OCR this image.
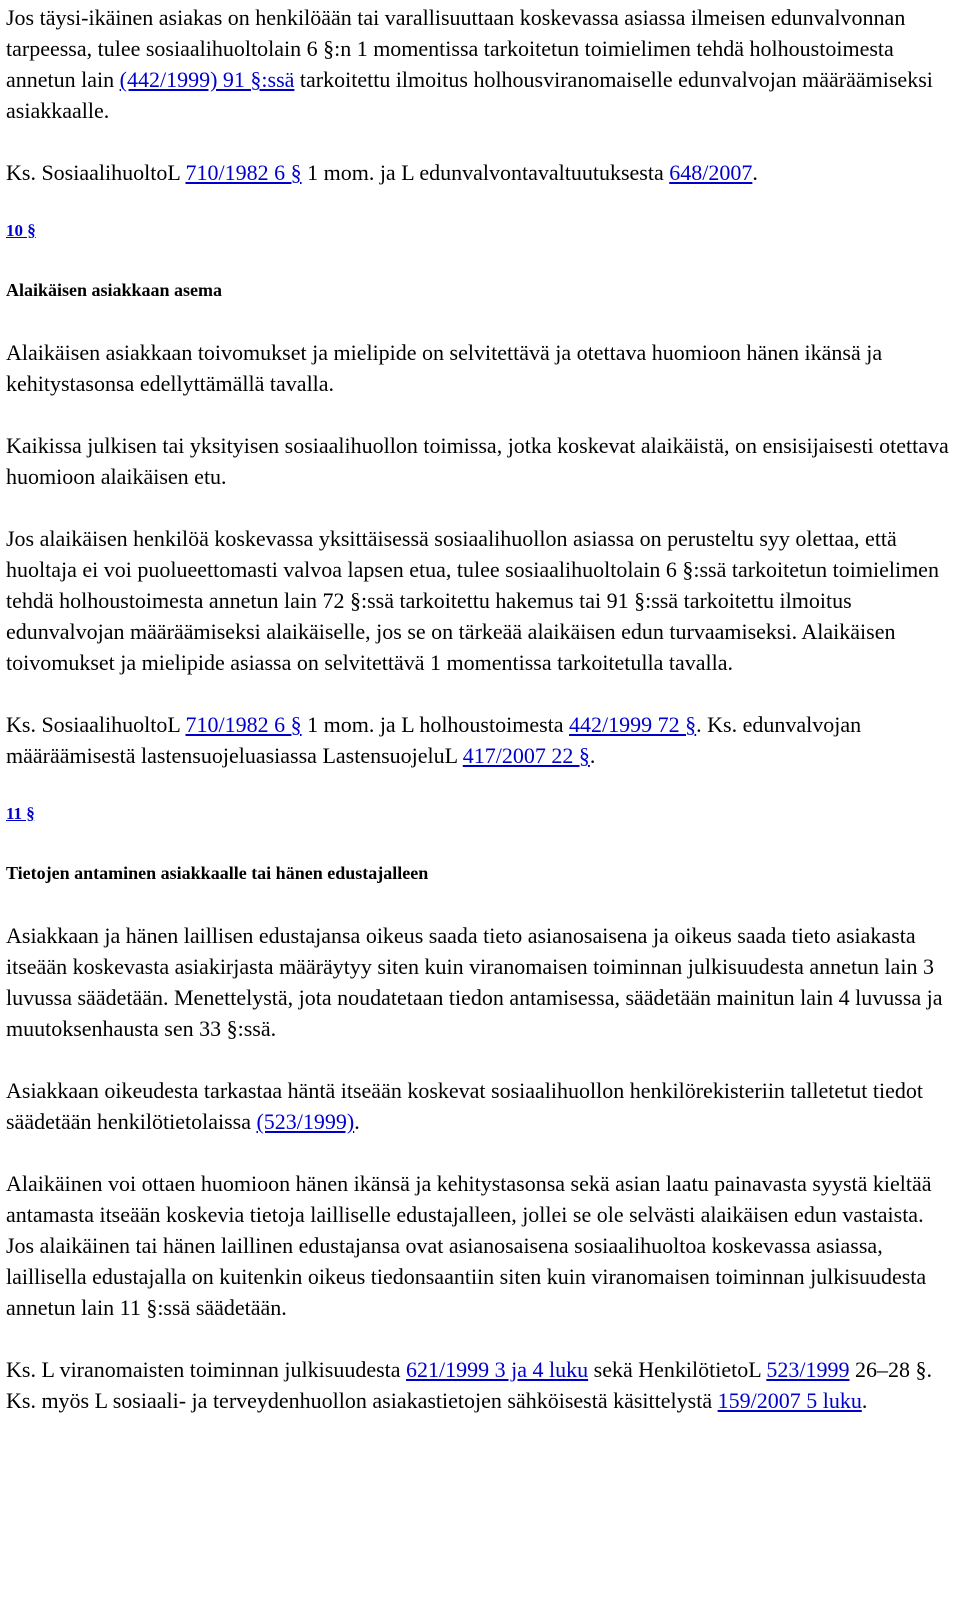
Jos täysi-ikäinen asiakas on henkilöään tai varallisuuttaan koskevassa asiassa ilmeisen edunvalvonnan tarpeessa, tulee sosiaalihuoltolain 6 §:n 1 momentissa tarkoitetun toimielimen tehdä holhoustoimesta annetun lain (442/1999) 91 §:ssä tarkoitettu ilmoitus holhousviranomaiselle edunvalvojan määräämiseksi asiakkaalle.

Ks. SosiaalihuoltoL 710/1982 6 § 1 mom. ja L edunvalvontavaltuutuksesta 648/2007.

10 §
Alaikäisen asiakkaan asema

Alaikäisen asiakkaan toivomukset ja mielipide on selvitettävä ja otettava huomioon hänen ikänsä ja kehitystasonsa edellyttämällä tavalla.

Kaikissa julkisen tai yksityisen sosiaalihuollon toimissa, jotka koskevat alaikäistä, on ensisijaisesti otettava huomioon alaikäisen etu.

Jos alaikäisen henkilöä koskevassa yksittäisessä sosiaalihuollon asiassa on perusteltu syy olettaa, että huoltaja ei voi puolueettomasti valvoa lapsen etua, tulee sosiaalihuoltolain 6 §:ssä tarkoitetun toimielimen tehdä holhoustoimesta annetun lain 72 §:ssä tarkoitettu hakemus tai 91 §:ssä tarkoitettu ilmoitus edunvalvojan määräämiseksi alaikäiselle, jos se on tärkeää alaikäisen edun turvaamiseksi. Alaikäisen toivomukset ja mielipide asiassa on selvitettävä 1 momentissa tarkoitetulla tavalla.

Ks. SosiaalihuoltoL 710/1982 6 § 1 mom. ja L holhoustoimesta 442/1999 72 §. Ks. edunvalvojan määräämisestä lastensuojeluasiassa LastensuojeluL 417/2007 22 §.

11 §
Tietojen antaminen asiakkaalle tai hänen edustajalleen

Asiakkaan ja hänen laillisen edustajansa oikeus saada tieto asianosaisena ja oikeus saada tieto asiakasta itseään koskevasta asiakirjasta määräytyy siten kuin viranomaisen toiminnan julkisuudesta annetun lain 3 luvussa säädetään. Menettelystä, jota noudatetaan tiedon antamisessa, säädetään mainitun lain 4 luvussa ja muutoksenhausta sen 33 §:ssä.

Asiakkaan oikeudesta tarkastaa häntä itseään koskevat sosiaalihuollon henkilörekisteriin talletetut tiedot säädetään henkilötietolaissa (523/1999).

Alaikäinen voi ottaen huomioon hänen ikänsä ja kehitystasonsa sekä asian laatu painavasta syystä kieltää antamasta itseään koskevia tietoja lailliselle edustajalleen, jollei se ole selvästi alaikäisen edun vastaista. Jos alaikäinen tai hänen laillinen edustajansa ovat asianosaisena sosiaalihuoltoa koskevassa asiassa, laillisella edustajalla on kuitenkin oikeus tiedonsaantiin siten kuin viranomaisen toiminnan julkisuudesta annetun lain 11 §:ssä säädetään.

Ks. L viranomaisten toiminnan julkisuudesta 621/1999 3 ja 4 luku sekä HenkilötietoL 523/1999 26–28 §. Ks. myös L sosiaali- ja terveydenhuollon asiakastietojen sähköisestä käsittelystä 159/2007 5 luku.
